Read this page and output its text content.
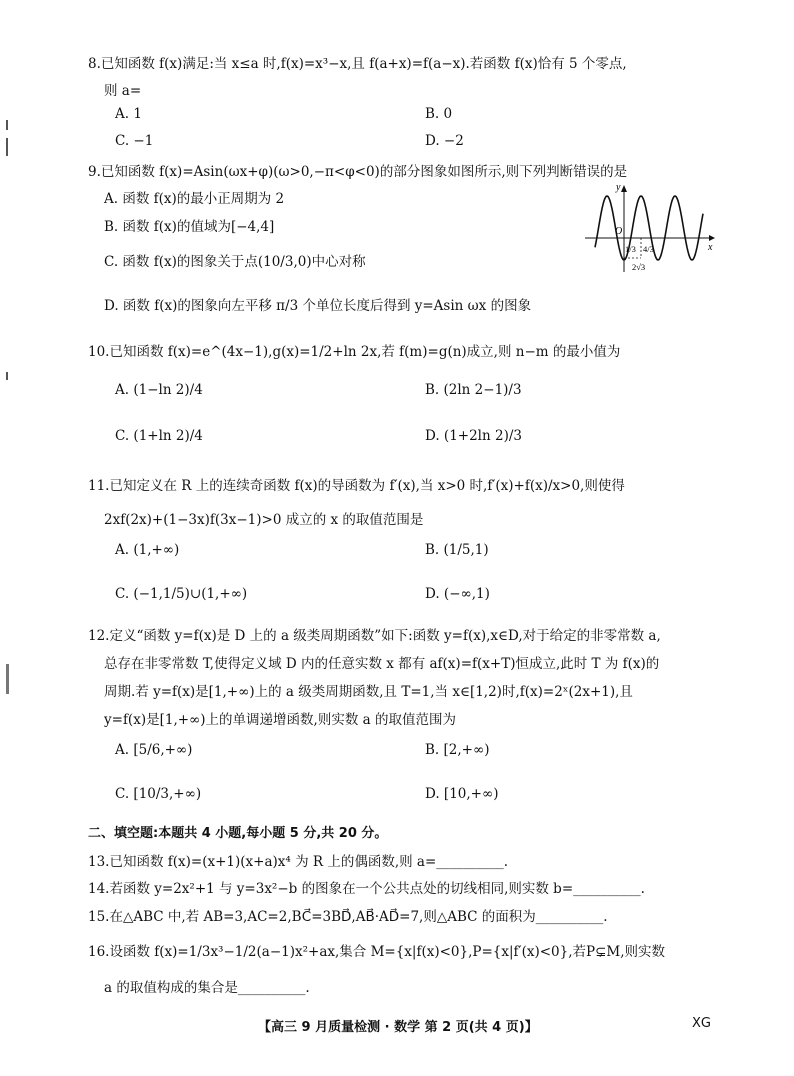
8.已知函数 f(x)满足:当 x≤a 时,f(x)=x³−x,且 f(a+x)=f(a−x).若函数 f(x)恰有 5 个零点,
则 a=
A. 1	B. 0
C. −1	D. −2
9.已知函数 f(x)=Asin(ωx+φ)(ω>0,−π<φ<0)的部分图象如图所示,则下列判断错误的是
A. 函数 f(x)的最小正周期为 2
B. 函数 f(x)的值域为[−4,4]
C. 函数 f(x)的图象关于点(10/3,0)中心对称
D. 函数 f(x)的图象向左平移 π/3 个单位长度后得到 y=Asin ωx 的图象
y
x
O
1/3 4/3
2√3
10.已知函数 f(x)=e^(4x−1),g(x)=1/2+ln 2x,若 f(m)=g(n)成立,则 n−m 的最小值为
A. (1−ln 2)/4	B. (2ln 2−1)/3
C. (1+ln 2)/4	D. (1+2ln 2)/3
11.已知定义在 R 上的连续奇函数 f(x)的导函数为 f′(x),当 x>0 时,f′(x)+f(x)/x>0,则使得
2xf(2x)+(1−3x)f(3x−1)>0 成立的 x 的取值范围是
A. (1,+∞)	B. (1/5,1)
C. (−1,1/5)∪(1,+∞)	D. (−∞,1)
12.定义“函数 y=f(x)是 D 上的 a 级类周期函数”如下:函数 y=f(x),x∈D,对于给定的非零常数 a,
总存在非零常数 T,使得定义域 D 内的任意实数 x 都有 af(x)=f(x+T)恒成立,此时 T 为 f(x)的
周期.若 y=f(x)是[1,+∞)上的 a 级类周期函数,且 T=1,当 x∈[1,2)时,f(x)=2ˣ(2x+1),且
y=f(x)是[1,+∞)上的单调递增函数,则实数 a 的取值范围为
A. [5/6,+∞)	B. [2,+∞)
C. [10/3,+∞)	D. [10,+∞)
二、填空题:本题共 4 小题,每小题 5 分,共 20 分。
13.已知函数 f(x)=(x+1)(x+a)x⁴ 为 R 上的偶函数,则 a=__________.
14.若函数 y=2x²+1 与 y=3x²−b 的图象在一个公共点处的切线相同,则实数 b=__________.
15.在△ABC 中,若 AB=3,AC=2,BC⃗=3BD⃗,AB⃗·AD⃗=7,则△ABC 的面积为__________.
16.设函数 f(x)=1/3x³−1/2(a−1)x²+ax,集合 M={x|f(x)<0},P={x|f′(x)<0},若P⊊M,则实数
a 的取值构成的集合是__________.
【高三 9 月质量检测 · 数学 第 2 页(共 4 页)】	XG
